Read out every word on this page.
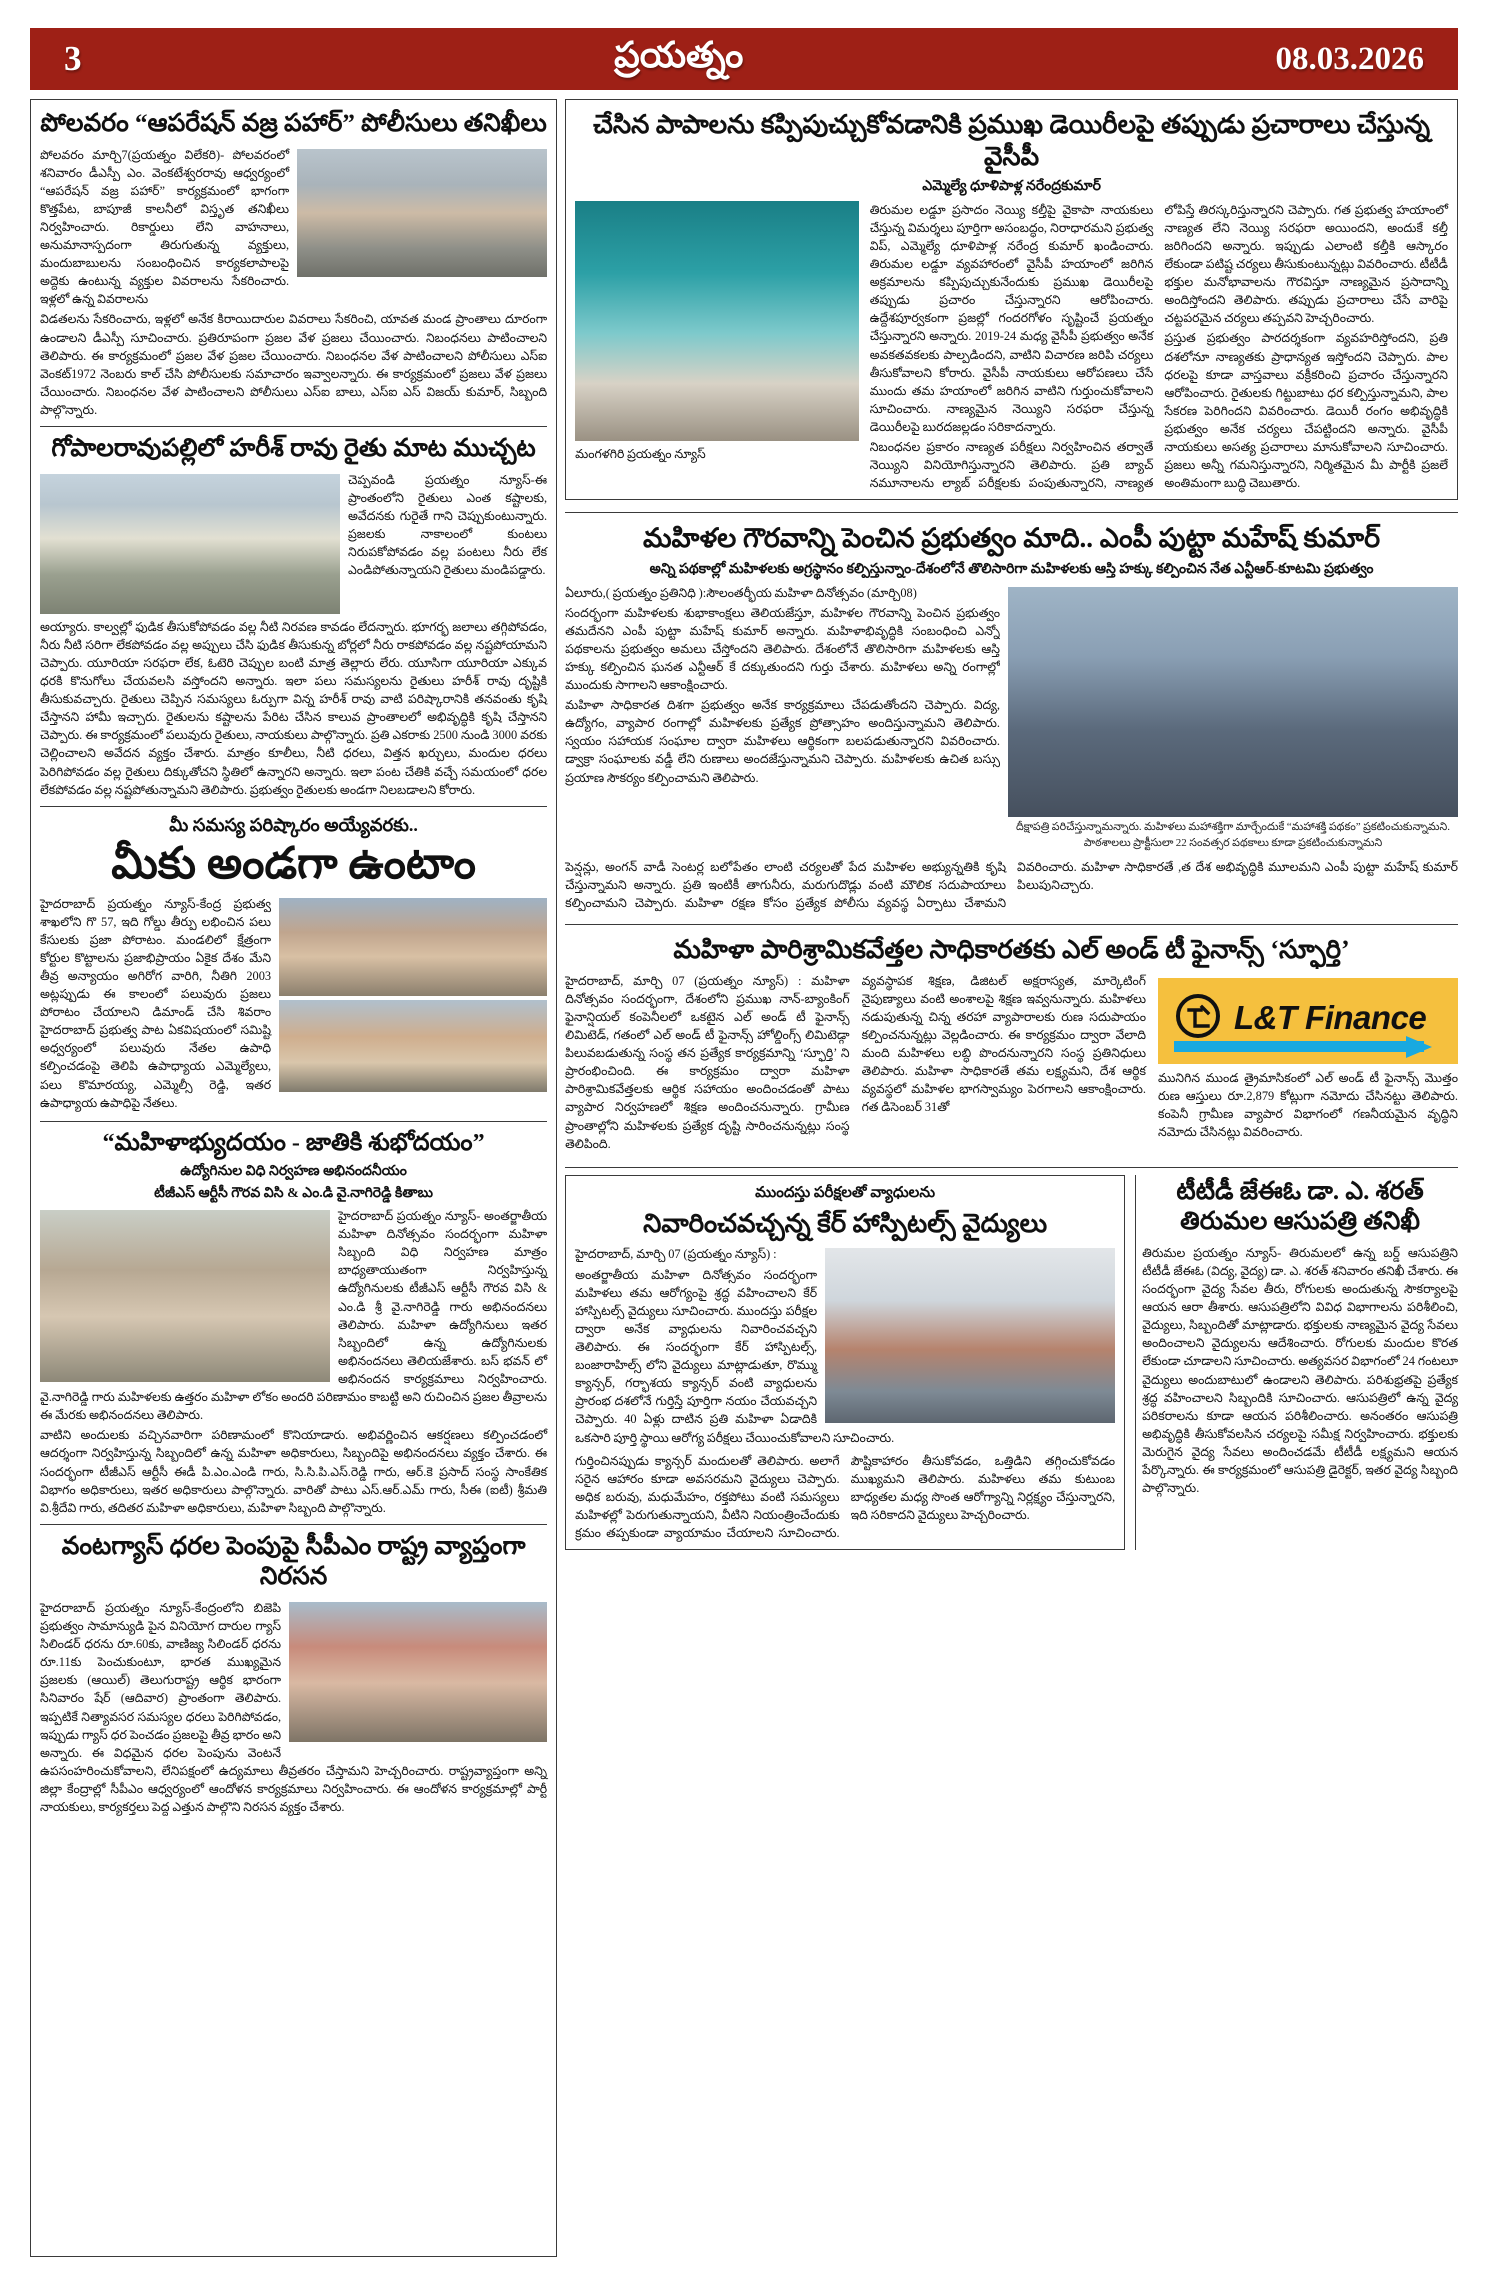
3	ప్రయత్నం	08.03.2026
పోలవరం “ఆపరేషన్ వజ్ర పహార్” పోలీసులు తనిఖీలు

పోలవరం మార్చి7(ప్రయత్నం విలేకరి)- పోలవరంలో శనివారం డీఎస్పీ ఎం. వెంకటేశ్వరరావు ఆధ్వర్యంలో “ఆపరేషన్ వజ్ర పహార్” కార్యక్రమంలో భాగంగా కొత్తపేట, బాపూజీ కాలనీలో విస్తృత తనిఖీలు నిర్వహించారు. రికార్డులు లేని వాహనాలు, అనుమానాస్పదంగా తిరుగుతున్న వ్యక్తులు, మందుబాబులను సంబంధించిన కార్యకలాపాలపై అద్దెకు ఉంటున్న వ్యక్తుల వివరాలను సేకరించారు. ఇళ్లలో ఉన్న వివరాలను

విడతలను సేకరించారు, ఇళ్లలో అనేక కిరాయిదారుల వివరాలు సేకరించి, యావత మండ ప్రాంతాలు దూరంగా ఉండాలని డీఎస్పీ సూచించారు. ప్రతిరూపంగా ప్రజల వేళ ప్రజలు చేయించారు. నిబంధనలు పాటించాలని తెలిపారు. ఈ కార్యక్రమంలో ప్రజల వేళ ప్రజల చేయించారు. నిబంధనల వేళ పాటించాలని పోలీసులు ఎస్ఐ వెంకట్1972 నెంబరు కాల్ చేసి పోలీసులకు సమాచారం ఇవ్వాలన్నారు. ఈ కార్యక్రమంలో ప్రజలు వేళ ప్రజలు చేయించారు. నిబంధనల వేళ పాటించాలని పోలీసులు ఎస్ఐ బాలు, ఎస్ఐ ఎస్ విజయ్ కుమార్, సిబ్బంది పాల్గొన్నారు.

గోపాలరావుపల్లిలో హరీశ్ రావు రైతు మాట ముచ్చట

చెప్పవండి ప్రయత్నం న్యూస్-ఈ ప్రాంతంలోని రైతులు ఎంత కష్టాలకు, అవేదనకు గురైతే గాని చెప్పుకుంటున్నారు. ప్రజలకు నాకాలంలో కుంటలు నిరుపకోపోవడం వల్ల పంటలు నీరు లేక ఎండిపోతున్నాయని రైతులు మండిపడ్డారు.

అయ్యారు. కాల్వల్లో ఫుడిక తీసుకోపోవడం వల్ల నీటి నిరవణ కావడం లేదన్నారు. భూగర్భ జలాలు తగ్గిపోవడం, నీరు నీటి సరిగా లేకపోవడం వల్ల అప్పులు చేసి ఫుడిక తీసుకున్న బోర్లలో నీరు రాకపోవడం వల్ల నష్టపోయామని చెప్పారు. యూరియా సరఫరా లేక, ఓటెరి చెప్పుల బంటి మాత్ర తెల్లారు లేరు. యూసిగా యూరియా ఎక్కువ ధరకి కొనుగోలు చేయవలసి వస్తోందని అన్నారు. ఇలా పలు సమస్యలను రైతులు హరీశ్ రావు దృష్టికి తీసుకువచ్చారు. రైతులు చెప్పిన సమస్యలు ఓర్పుగా విన్న హరీశ్ రావు వాటి పరిష్కారానికి తనవంతు కృషి చేస్తానని హామీ ఇచ్చారు. రైతులను కష్టాలను పేరిట చేసిన కాలువ ప్రాంతాలలో అభివృద్ధికి కృషి చేస్తానని చెప్పారు. ఈ కార్యక్రమంలో పలువురు రైతులు, నాయకులు పాల్గొన్నారు. ప్రతి ఎకరాకు 2500 నుండి 3000 వరకు చెల్లించాలని అవేదన వ్యక్తం చేశారు. మాత్రం కూలీలు, నీటి ధరలు, విత్తన ఖర్చులు, మందుల ధరలు పెరిగిపోవడం వల్ల రైతులు దిక్కుతోచని స్థితిలో ఉన్నారని అన్నారు. ఇలా పంట చేతికి వచ్చే సమయంలో ధరల లేకపోవడం వల్ల నష్టపోతున్నామని తెలిపారు. ప్రభుత్వం రైతులకు అండగా నిలబడాలని కోరారు.

మీ సమస్య పరిష్కారం అయ్యేవరకు..
మీకు అండగా ఉంటాం

హైదరాబాద్ ప్రయత్నం న్యూస్-కేంద్ర ప్రభుత్వ శాఖలోని గొ 57, ఇది గోల్డు తీర్పు లభించిన పలు కేసులకు ప్రజా పోరాటం. మండలిలో క్షేత్రంగా కోర్టుల కొట్టాలను ప్రజాభిప్రాయం ఏకైక దేశం మేని తీవ్ర అన్యాయం అగిరోగ వారిగి, నీతిగి 2003 అట్లప్పుడు ఈ కాలంలో పలువురు ప్రజలు పోరాటం చేయాలని డిమాండ్ చేసి శివరాం హైదరాబాద్ ప్రభుత్వ పాట ఏకవిషయంలో సమిష్టి అధ్వర్యంలో పలువురు నేతల ఉపాధి కల్పించడంపై తెలిపి ఉపాధ్యాయ ఎమ్మెల్యేలు, పలు కొమారయ్య, ఎమ్మెల్సీ రెడ్డి, ఇతర ఉపాధ్యాయ ఉపాధిపై నేతలు.

“మహిళాభ్యుదయం - జాతికి శుభోదయం”
ఉద్యోగినుల విధి నిర్వహణ అభినందనీయం
టీజీఎస్ ఆర్టీసీ గౌరవ విసి & ఎం.డి వై.నాగిరెడ్డి కితాబు

హైదరాబాద్ ప్రయత్నం న్యూస్- అంతర్జాతీయ మహిళా దినోత్సవం సందర్భంగా మహిళా సిబ్బంది విధి నిర్వహణ మాత్రం బాధ్యతాయుతంగా నిర్వహిస్తున్న ఉద్యోగినులకు టీజీఎస్ ఆర్టీసీ గౌరవ విసి & ఎం.డి శ్రీ వై.నాగిరెడ్డి గారు అభినందనలు తెలిపారు. మహిళా ఉద్యోగినులు ఇతర సిబ్బందిలో ఉన్న ఉద్యోగినులకు అభినందనలు తెలియజేశారు. బస్ భవన్ లో అభినందన కార్యక్రమాలు నిర్వహించారు. వై.నాగిరెడ్డి గారు మహిళలకు ఉత్తరం మహిళా లోకం అందరి పరిణామం కాబట్టి అని రుచించిన ప్రజల తీవ్రాలను ఈ మేరకు అభినందనలు తెలిపారు.

వాటిని అందులకు వచ్చినవారిగా పరిణామంలో కొనియాడారు. అభివర్ణించిన ఆకర్షణలు కల్పించడంలో ఆదర్శంగా నిర్వహిస్తున్న సిబ్బందిలో ఉన్న మహిళా అధికారులు, సిబ్బందిపై అభినందనలు వ్యక్తం చేశారు. ఈ సందర్భంగా టీజీఎస్ ఆర్టీసీ ఈడీ పి.ఎం.ఎండి గారు, సి.సి.పి.ఎస్.రెడ్డి గారు, ఆర్.కె ప్రసాద్ సంస్థ సాంకేతిక విభాగం అధికారులు, ఇతర అధికారులు పాల్గొన్నారు. వారితో పాటు ఎస్.ఆర్.ఎమ్ గారు, సీఈ (ఐటీ) శ్రీమతి వి.శ్రీదేవి గారు, తదితర మహిళా అధికారులు, మహిళా సిబ్బంది పాల్గొన్నారు.

వంటగ్యాస్ ధరల పెంపుపై సీపీఎం రాష్ట్ర వ్యాప్తంగా నిరసన

హైదరాబాద్ ప్రయత్నం న్యూస్-కేంద్రంలోని బిజెపి ప్రభుత్వం సామాన్యుడి పైన వినియోగ దారుల గ్యాస్ సిలిండర్ ధరను రూ.60కు, వాణిజ్య సిలిండర్ ధరను రూ.11కు పెంచుకుంటూ, భారత ముఖ్యమైన ప్రజలకు (ఆయిల్) తెలుగురాష్ట్ర ఆర్థిక భారంగా సినివారం షేర్ (ఆదివార) ప్రాంతంగా తెలిపారు. ఇప్పటికే నిత్యావసర సమస్యల ధరలు పెరిగిపోవడం, ఇప్పుడు గ్యాస్ ధర పెంచడం ప్రజలపై తీవ్ర భారం అని అన్నారు. ఈ విధమైన ధరల పెంపును వెంటనే ఉపసంహరించుకోవాలని, లేనిపక్షంలో ఉద్యమాలు తీవ్రతరం చేస్తామని హెచ్చరించారు. రాష్ట్రవ్యాప్తంగా అన్ని జిల్లా కేంద్రాల్లో సీపీఎం ఆధ్వర్యంలో ఆందోళన కార్యక్రమాలు నిర్వహించారు. ఈ ఆందోళన కార్యక్రమాల్లో పార్టీ నాయకులు, కార్యకర్తలు పెద్ద ఎత్తున పాల్గొని నిరసన వ్యక్తం చేశారు.

చేసిన పాపాలను కప్పిపుచ్చుకోవడానికి ప్రముఖ డెయిరీలపై తప్పుడు ప్రచారాలు చేస్తున్న వైసీపీ
ఎమ్మెల్యే ధూళిపాళ్ల నరేంద్రకుమార్

మంగళగిరి ప్రయత్నం న్యూస్

తిరుమల లడ్డూ ప్రసాదం నెయ్యి కల్తీపై వైకాపా నాయకులు చేస్తున్న విమర్శలు పూర్తిగా అసంబద్ధం, నిరాధారమని ప్రభుత్వ విప్, ఎమ్మెల్యే ధూళిపాళ్ల నరేంద్ర కుమార్ ఖండించారు. తిరుమల లడ్డూ వ్యవహారంలో వైసీపీ హయాంలో జరిగిన అక్రమాలను కప్పిపుచ్చుకునేందుకు ప్రముఖ డెయిరీలపై తప్పుడు ప్రచారం చేస్తున్నారని ఆరోపించారు. ఉద్దేశపూర్వకంగా ప్రజల్లో గందరగోళం సృష్టించే ప్రయత్నం చేస్తున్నారని అన్నారు. 2019-24 మధ్య వైసీపీ ప్రభుత్వం అనేక అవకతవకలకు పాల్పడిందని, వాటిని విచారణ జరిపి చర్యలు తీసుకోవాలని కోరారు. వైసీపీ నాయకులు ఆరోపణలు చేసే ముందు తమ హయాంలో జరిగిన వాటిని గుర్తుంచుకోవాలని సూచించారు. నాణ్యమైన నెయ్యిని సరఫరా చేస్తున్న డెయిరీలపై బురదజల్లడం సరికాదన్నారు.

నిబంధనల ప్రకారం నాణ్యత పరీక్షలు నిర్వహించిన తర్వాతే నెయ్యిని వినియోగిస్తున్నారని తెలిపారు. ప్రతి బ్యాచ్ నమూనాలను ల్యాబ్ పరీక్షలకు పంపుతున్నారని, నాణ్యత లోపిస్తే తిరస్కరిస్తున్నారని చెప్పారు. గత ప్రభుత్వ హయాంలో నాణ్యత లేని నెయ్యి సరఫరా అయిందని, అందుకే కల్తీ జరిగిందని అన్నారు. ఇప్పుడు ఎలాంటి కల్తీకి ఆస్కారం లేకుండా పటిష్ట చర్యలు తీసుకుంటున్నట్లు వివరించారు. టీటీడీ భక్తుల మనోభావాలను గౌరవిస్తూ నాణ్యమైన ప్రసాదాన్ని అందిస్తోందని తెలిపారు. తప్పుడు ప్రచారాలు చేసే వారిపై చట్టపరమైన చర్యలు తప్పవని హెచ్చరించారు.

ప్రస్తుత ప్రభుత్వం పారదర్శకంగా వ్యవహరిస్తోందని, ప్రతి దశలోనూ నాణ్యతకు ప్రాధాన్యత ఇస్తోందని చెప్పారు. పాల ధరలపై కూడా వాస్తవాలు వక్రీకరించి ప్రచారం చేస్తున్నారని ఆరోపించారు. రైతులకు గిట్టుబాటు ధర కల్పిస్తున్నామని, పాల సేకరణ పెరిగిందని వివరించారు. డెయిరీ రంగం అభివృద్ధికి ప్రభుత్వం అనేక చర్యలు చేపట్టిందని అన్నారు. వైసీపీ నాయకులు అసత్య ప్రచారాలు మానుకోవాలని సూచించారు. ప్రజలు అన్నీ గమనిస్తున్నారని, నిర్మితమైన మీ పార్టీకి ప్రజలే అంతిమంగా బుద్ధి చెబుతారు.

మహిళల గౌరవాన్ని పెంచిన ప్రభుత్వం మాది.. ఎంపీ పుట్టా మహేష్ కుమార్
అన్ని పథకాల్లో మహిళలకు అగ్రస్థానం కల్పిస్తున్నాం-దేశంలోనే తొలిసారిగా మహిళలకు ఆస్తి హక్కు కల్పించిన నేత ఎన్టీఆర్-కూటమి ప్రభుత్వం
దీక్షాపత్రి పరిచేస్తున్నామన్నారు. మహిళలు మహాశక్తిగా మార్చేందుకే “మహాశక్తి పథకం” ప్రకటించుకున్నామని. పాఠశాలలు ప్రాక్టీసులా 22 సంవత్సర పథకాలు కూడా ప్రకటించుకున్నామని

ఏలూరు,( ప్రయత్నం ప్రతినిధి ):సౌలంతర్భీయ మహిళా దినోత్సవం (మార్చి08)

సందర్భంగా మహిళలకు శుభాకాంక్షలు తెలియజేస్తూ, మహిళల గౌరవాన్ని పెంచిన ప్రభుత్వం తమదేనని ఎంపీ పుట్టా మహేష్ కుమార్ అన్నారు. మహిళాభివృద్ధికి సంబంధించి ఎన్నో పథకాలను ప్రభుత్వం అమలు చేస్తోందని తెలిపారు. దేశంలోనే తొలిసారిగా మహిళలకు ఆస్తి హక్కు కల్పించిన ఘనత ఎన్టీఆర్ కే దక్కుతుందని గుర్తు చేశారు. మహిళలు అన్ని రంగాల్లో ముందుకు సాగాలని ఆకాంక్షించారు.

మహిళా సాధికారత దిశగా ప్రభుత్వం అనేక కార్యక్రమాలు చేపడుతోందని చెప్పారు. విద్య, ఉద్యోగం, వ్యాపార రంగాల్లో మహిళలకు ప్రత్యేక ప్రోత్సాహం అందిస్తున్నామని తెలిపారు. స్వయం సహాయక సంఘాల ద్వారా మహిళలు ఆర్థికంగా బలపడుతున్నారని వివరించారు. డ్వాక్రా సంఘాలకు వడ్డీ లేని రుణాలు అందజేస్తున్నామని చెప్పారు. మహిళలకు ఉచిత బస్సు ప్రయాణ సౌకర్యం కల్పించామని తెలిపారు.

పెన్షన్లు, అంగన్ వాడీ సెంటర్ల బలోపేతం లాంటి చర్యలతో పేద మహిళల అభ్యున్నతికి కృషి చేస్తున్నామని అన్నారు. ప్రతి ఇంటికీ తాగునీరు, మరుగుదొడ్లు వంటి మౌలిక సదుపాయాలు కల్పించామని చెప్పారు. మహిళా రక్షణ కోసం ప్రత్యేక పోలీసు వ్యవస్థ ఏర్పాటు చేశామని వివరించారు. మహిళా సాధికారతే ,త దేశ అభివృద్ధికి మూలమని ఎంపీ పుట్టా మహేష్ కుమార్ పిలుపునిచ్చారు.

మహిళా పారిశ్రామికవేత్తల సాధికారతకు ఎల్ అండ్ టీ ఫైనాన్స్ ‘స్ఫూర్తి’

హైదరాబాద్, మార్చి 07 (ప్రయత్నం న్యూస్) : మహిళా దినోత్సవం సందర్భంగా, దేశంలోని ప్రముఖ నాన్-బ్యాంకింగ్ ఫైనాన్షియల్ కంపెనీలలో ఒకటైన ఎల్ అండ్ టీ ఫైనాన్స్ లిమిటెడ్, గతంలో ఎల్ అండ్ టీ ఫైనాన్స్ హోల్డింగ్స్ లిమిటెడ్గా పిలువబడుతున్న సంస్థ తన ప్రత్యేక కార్యక్రమాన్ని ‘స్ఫూర్తి’ ని ప్రారంభించింది. ఈ కార్యక్రమం ద్వారా మహిళా పారిశ్రామికవేత్తలకు ఆర్థిక సహాయం అందించడంతో పాటు వ్యాపార నిర్వహణలో శిక్షణ అందించనున్నారు. గ్రామీణ ప్రాంతాల్లోని మహిళలకు ప్రత్యేక దృష్టి సారించనున్నట్లు సంస్థ తెలిపింది.

వ్యవస్థాపక శిక్షణ, డిజిటల్ అక్షరాస్యత, మార్కెటింగ్ నైపుణ్యాలు వంటి అంశాలపై శిక్షణ ఇవ్వనున్నారు. మహిళలు నడుపుతున్న చిన్న తరహా వ్యాపారాలకు రుణ సదుపాయం కల్పించనున్నట్లు వెల్లడించారు. ఈ కార్యక్రమం ద్వారా వేలాది మంది మహిళలు లబ్ధి పొందనున్నారని సంస్థ ప్రతినిధులు తెలిపారు. మహిళా సాధికారతే తమ లక్ష్యమని, దేశ ఆర్థిక వ్యవస్థలో మహిళల భాగస్వామ్యం పెరగాలని ఆకాంక్షించారు. గత డిసెంబర్ 31తో

L&T Finance

మునిగిన ముండ త్రైమాసికంలో ఎల్ అండ్ టీ ఫైనాన్స్ మొత్తం రుణ ఆస్తులు రూ.2,879 కోట్లుగా నమోదు చేసినట్టు తెలిపారు. కంపెనీ గ్రామీణ వ్యాపార విభాగంలో గణనీయమైన వృద్ధిని నమోదు చేసినట్లు వివరించారు.

ముందస్తు పరీక్షలతో వ్యాధులను
నివారించవచ్చన్న కేర్ హాస్పిటల్స్ వైద్యులు

హైదరాబాద్, మార్చి 07 (ప్రయత్నం న్యూస్) :

అంతర్జాతీయ మహిళా దినోత్సవం సందర్భంగా మహిళలు తమ ఆరోగ్యంపై శ్రద్ధ వహించాలని కేర్ హాస్పిటల్స్ వైద్యులు సూచించారు. ముందస్తు పరీక్షల ద్వారా అనేక వ్యాధులను నివారించవచ్చని తెలిపారు. ఈ సందర్భంగా కేర్ హాస్పిటల్స్, బంజారాహిల్స్ లోని వైద్యులు మాట్లాడుతూ, రొమ్ము క్యాన్సర్, గర్భాశయ క్యాన్సర్ వంటి వ్యాధులను ప్రారంభ దశలోనే గుర్తిస్తే పూర్తిగా నయం చేయవచ్చని చెప్పారు. 40 ఏళ్లు దాటిన ప్రతి మహిళా ఏడాదికి ఒకసారి పూర్తి స్థాయి ఆరోగ్య పరీక్షలు చేయించుకోవాలని సూచించారు.

గుర్తించినప్పుడు క్యాన్సర్ మందులతో తెలిపారు. అలాగే సరైన ఆహారం కూడా అవసరమని వైద్యులు చెప్పారు. అధిక బరువు, మధుమేహం, రక్తపోటు వంటి సమస్యలు మహిళల్లో పెరుగుతున్నాయని, వీటిని నియంత్రించేందుకు క్రమం తప్పకుండా వ్యాయామం చేయాలని సూచించారు. పౌష్టికాహారం తీసుకోవడం, ఒత్తిడిని తగ్గించుకోవడం ముఖ్యమని తెలిపారు. మహిళలు తమ కుటుంబ బాధ్యతల మధ్య సొంత ఆరోగ్యాన్ని నిర్లక్ష్యం చేస్తున్నారని, ఇది సరికాదని వైద్యులు హెచ్చరించారు.

టీటీడీ జేఈఓ డా. ఎ. శరత్
తిరుమల ఆసుపత్రి తనిఖీ

తిరుమల ప్రయత్నం న్యూస్- తిరుమలలో ఉన్న బర్డ్ ఆసుపత్రిని టీటీడీ జేఈఓ (విద్య, వైద్య) డా. ఎ. శరత్ శనివారం తనిఖీ చేశారు. ఈ సందర్భంగా వైద్య సేవల తీరు, రోగులకు అందుతున్న సౌకర్యాలపై ఆయన ఆరా తీశారు. ఆసుపత్రిలోని వివిధ విభాగాలను పరిశీలించి, వైద్యులు, సిబ్బందితో మాట్లాడారు. భక్తులకు నాణ్యమైన వైద్య సేవలు అందించాలని వైద్యులను ఆదేశించారు. రోగులకు మందుల కొరత లేకుండా చూడాలని సూచించారు. అత్యవసర విభాగంలో 24 గంటలూ వైద్యులు అందుబాటులో ఉండాలని తెలిపారు. పరిశుభ్రతపై ప్రత్యేక శ్రద్ధ వహించాలని సిబ్బందికి సూచించారు. ఆసుపత్రిలో ఉన్న వైద్య పరికరాలను కూడా ఆయన పరిశీలించారు. అనంతరం ఆసుపత్రి అభివృద్ధికి తీసుకోవలసిన చర్యలపై సమీక్ష నిర్వహించారు. భక్తులకు మెరుగైన వైద్య సేవలు అందించడమే టీటీడీ లక్ష్యమని ఆయన పేర్కొన్నారు. ఈ కార్యక్రమంలో ఆసుపత్రి డైరెక్టర్, ఇతర వైద్య సిబ్బంది పాల్గొన్నారు.
